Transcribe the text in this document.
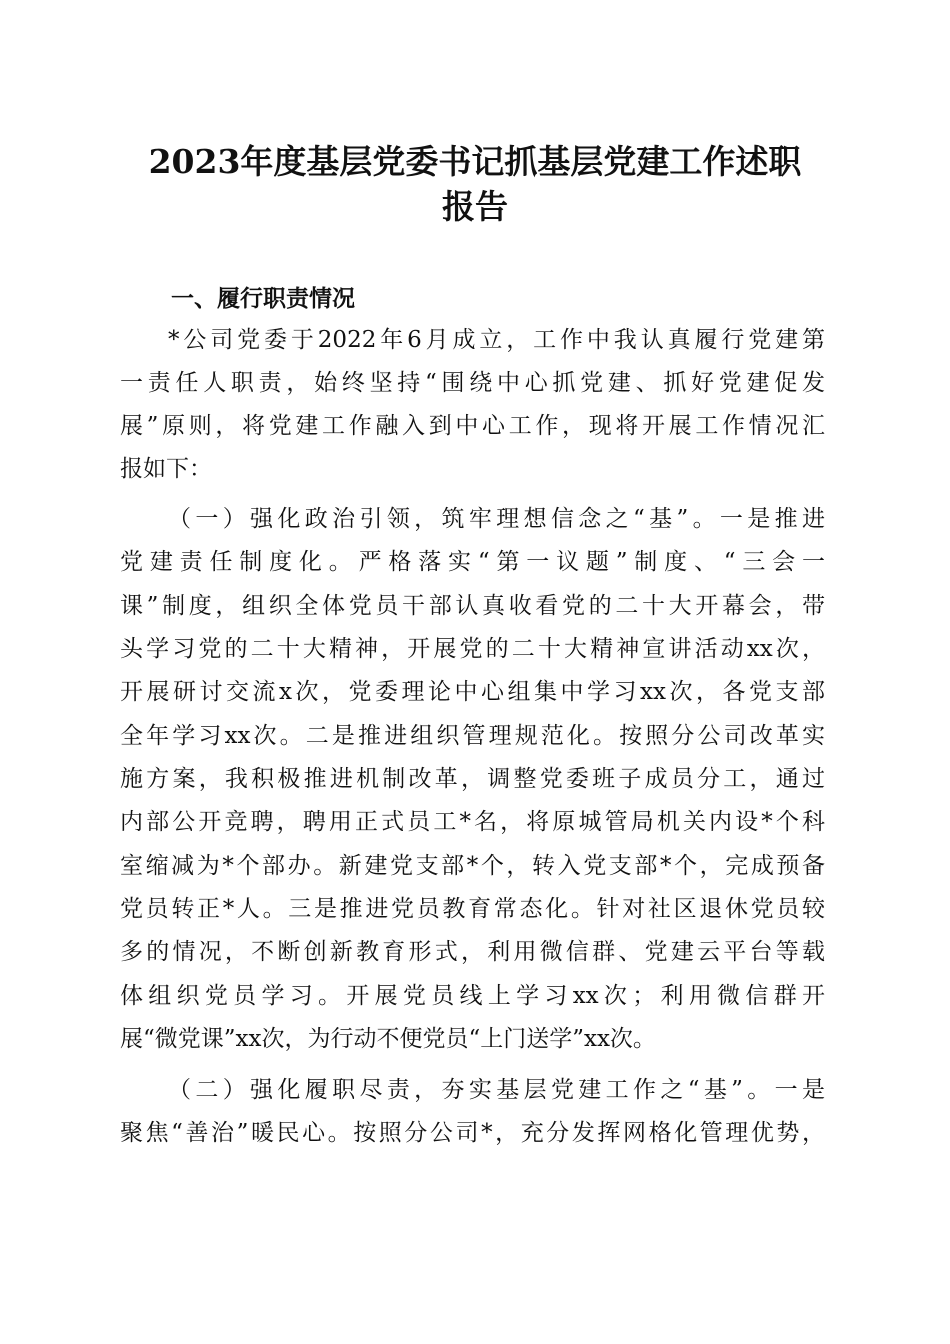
2023年度基层党委书记抓基层党建工作述职
报告
一、履行职责情况

*公司党委于2022年6月成立，工作中我认真履行党建第

一责任人职责，始终坚持“围绕中心抓党建、抓好党建促发

展”原则，将党建工作融入到中心工作，现将开展工作情况汇

报如下：

（一）强化政治引领，筑牢理想信念之“基”。一是推进

党建责任制度化。严格落实“第一议题”制度、“三会一

课”制度，组织全体党员干部认真收看党的二十大开幕会，带

头学习党的二十大精神，开展党的二十大精神宣讲活动xx次，

开展研讨交流x次，党委理论中心组集中学习xx次，各党支部

全年学习xx次。二是推进组织管理规范化。按照分公司改革实

施方案，我积极推进机制改革，调整党委班子成员分工，通过

内部公开竞聘，聘用正式员工*名，将原城管局机关内设*个科

室缩减为*个部办。新建党支部*个，转入党支部*个，完成预备

党员转正*人。三是推进党员教育常态化。针对社区退休党员较

多的情况，不断创新教育形式，利用微信群、党建云平台等载

体组织党员学习。开展党员线上学习xx次；利用微信群开

展“微党课”xx次，为行动不便党员“上门送学”xx次。

（二）强化履职尽责，夯实基层党建工作之“基”。一是

聚焦“善治”暖民心。按照分公司*，充分发挥网格化管理优势，
